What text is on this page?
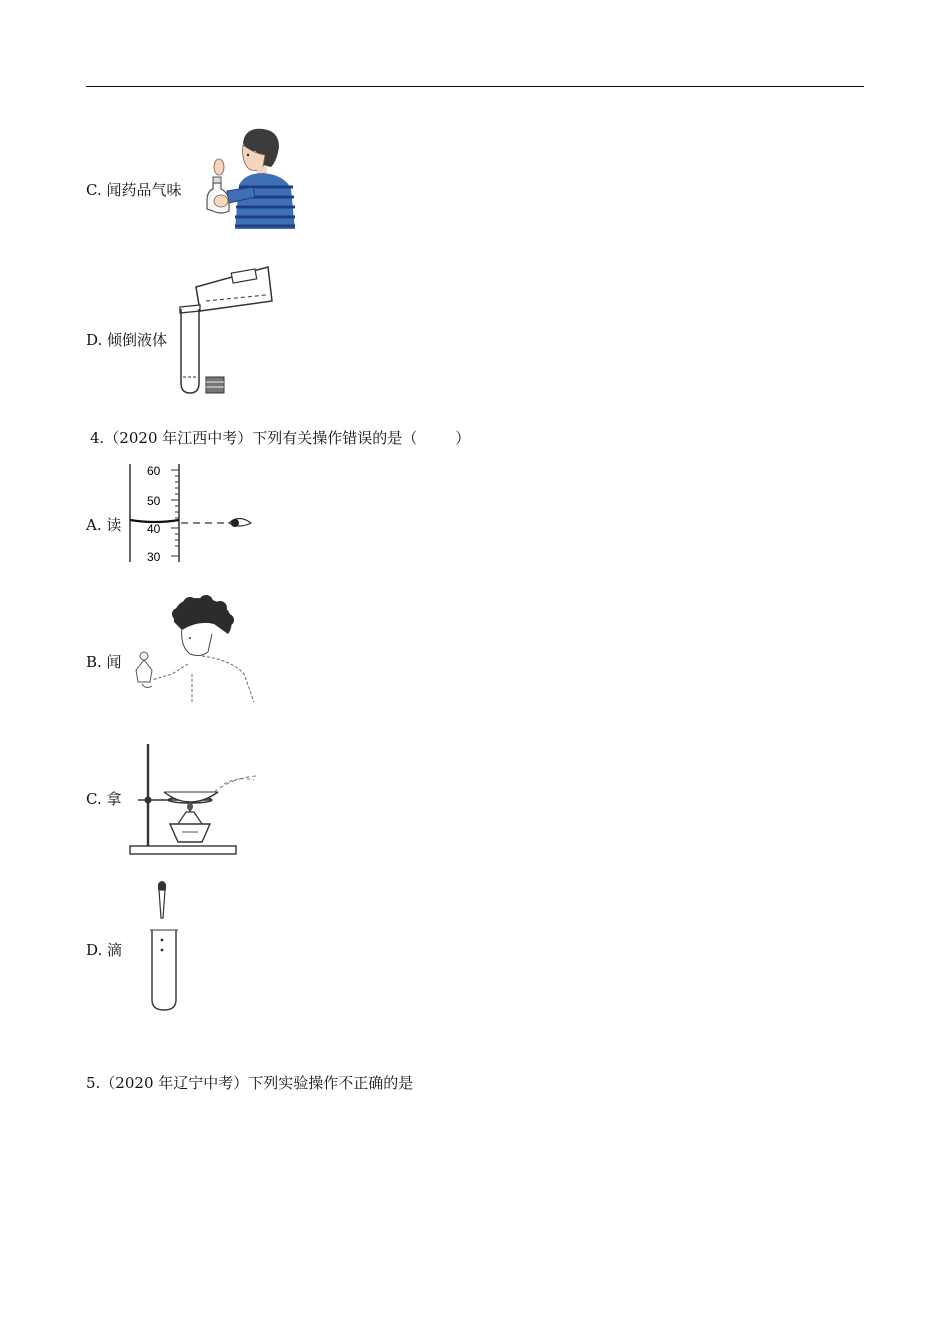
C. 闻药品气味
D. 倾倒液体
4.（2020 年江西中考）下列有关操作错误的是（	）
A. 读
60
50
40
30
B. 闻
C. 拿
D. 滴
5.（2020 年辽宁中考）下列实验操作不正确的是
